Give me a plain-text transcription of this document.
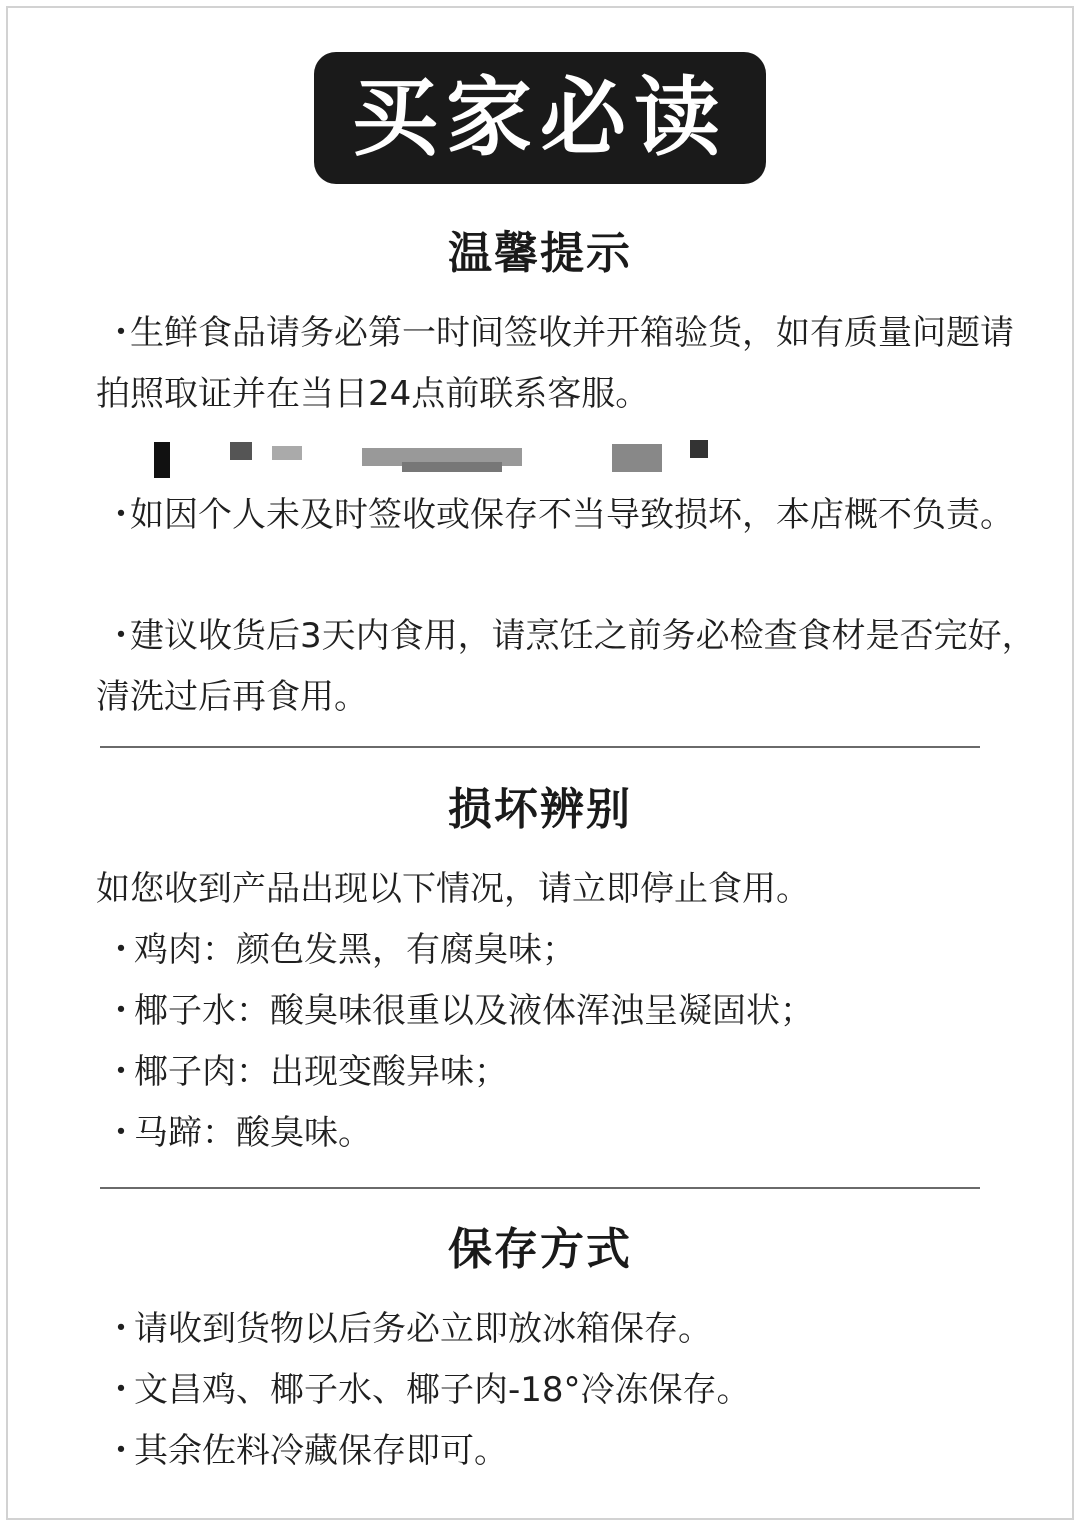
买家必读
温馨提示

・生鲜食品请务必第一时间签收并开箱验货，如有质量问题请拍照取证并在当日24点前联系客服。

・如因个人未及时签收或保存不当导致损坏，本店概不负责。

・建议收货后3天内食用，请烹饪之前务必检查食材是否完好，清洗过后再食用。

损坏辨别
如您收到产品出现以下情况，请立即停止食用。
・鸡肉：颜色发黑，有腐臭味；
・椰子水：酸臭味很重以及液体浑浊呈凝固状；
・椰子肉：出现变酸异味；
・马蹄：酸臭味。
保存方式
・请收到货物以后务必立即放冰箱保存。
・文昌鸡、椰子水、椰子肉-18°冷冻保存。
・其余佐料冷藏保存即可。
